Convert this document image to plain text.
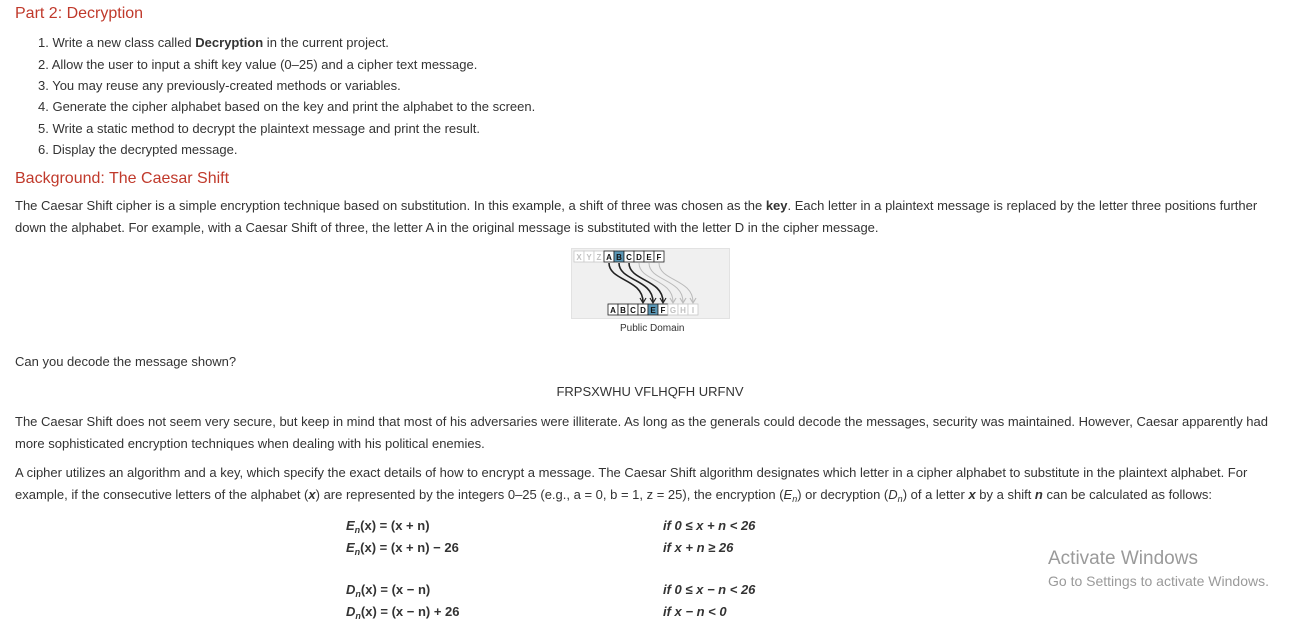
Part 2: Decryption
1. Write a new class called Decryption in the current project.
2. Allow the user to input a shift key value (0–25) and a cipher text message.
3. You may reuse any previously-created methods or variables.
4. Generate the cipher alphabet based on the key and print the alphabet to the screen.
5. Write a static method to decrypt the plaintext message and print the result.
6. Display the decrypted message.
Background: The Caesar Shift
The Caesar Shift cipher is a simple encryption technique based on substitution. In this example, a shift of three was chosen as the key. Each letter in a plaintext message is replaced by the letter three positions further down the alphabet. For example, with a Caesar Shift of three, the letter A in the original message is substituted with the letter D in the cipher message.
X Y Z A B C D E F
A B C D E F G H I
Public Domain
Can you decode the message shown?
FRPSXWHU VFLHQFH URFNV
The Caesar Shift does not seem very secure, but keep in mind that most of his adversaries were illiterate. As long as the generals could decode the messages, security was maintained. However, Caesar apparently had more sophisticated encryption techniques when dealing with his political enemies.
A cipher utilizes an algorithm and a key, which specify the exact details of how to encrypt a message. The Caesar Shift algorithm designates which letter in a cipher alphabet to substitute in the plaintext alphabet. For example, if the consecutive letters of the alphabet (x) are represented by the integers 0–25 (e.g., a = 0, b = 1, z = 25), the encryption $(E_n)$ or decryption $(D_n)$ of a letter x by a shift n can be calculated as follows:
$E_n(x) = (x + n)$
$E_n(x) = (x + n) - 26$
$D_n(x) = (x - n)$
$D_n(x) = (x - n) + 26$
if 0 ≤ x + n < 26
if x + n ≥ 26
if 0 ≤ x − n < 26
if x − n < 0
Activate Windows
Go to Settings to activate Windows.
